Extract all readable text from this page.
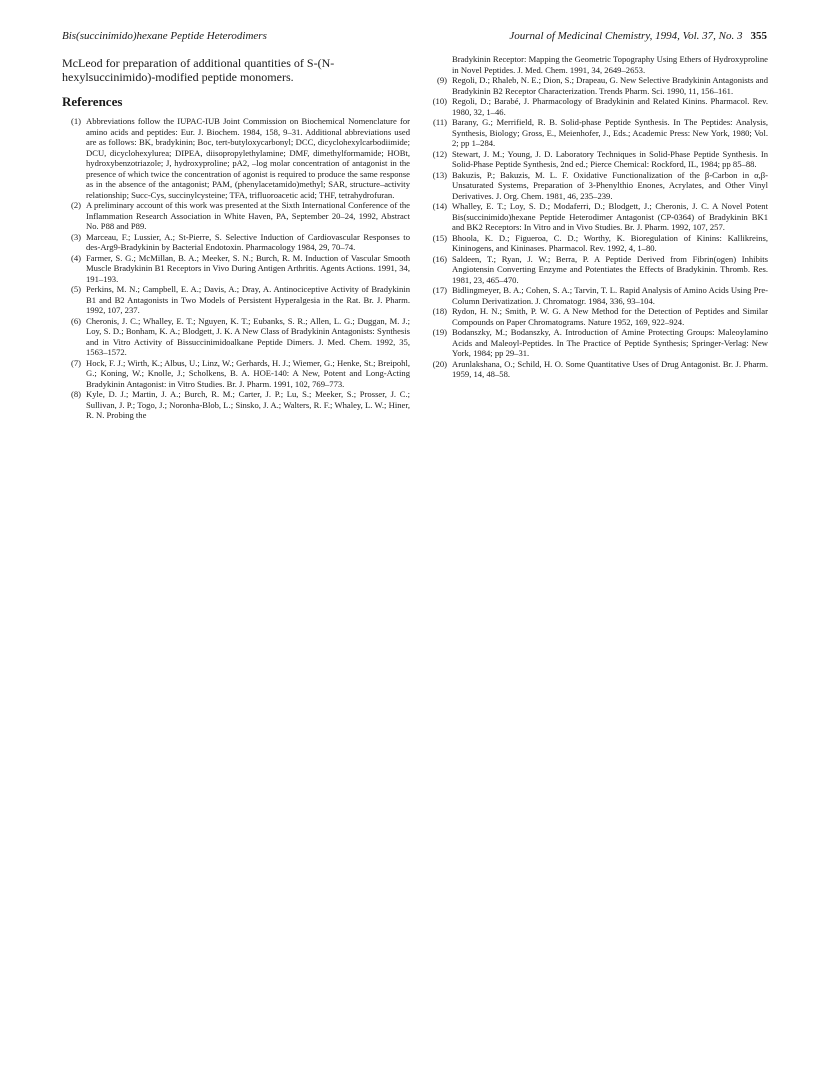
Bis(succinimido)hexane Peptide Heterodimers	Journal of Medicinal Chemistry, 1994, Vol. 37, No. 3 355

McLeod for preparation of additional quantities of S-(N-hexylsuccinimido)-modified peptide monomers.

References
(1) Abbreviations follow the IUPAC-IUB Joint Commission on Biochemical Nomenclature for amino acids and peptides: Eur. J. Biochem. 1984, 158, 9–31. Additional abbreviations used are as follows: BK, bradykinin; Boc, tert-butyloxycarbonyl; DCC, dicyclohexylcarbodiimide; DCU, dicyclohexylurea; DIPEA, diisopropylethylamine; DMF, dimethylformamide; HOBt, hydroxybenzotriazole; J, hydroxyproline; pA2, –log molar concentration of antagonist in the presence of which twice the concentration of agonist is required to produce the same response as in the absence of the antagonist; PAM, (phenylacetamido)methyl; SAR, structure–activity relationship; Succ-Cys, succinylcysteine; TFA, trifluoroacetic acid; THF, tetrahydrofuran.
(2) A preliminary account of this work was presented at the Sixth International Conference of the Inflammation Research Association in White Haven, PA, September 20–24, 1992, Abstract No. P88 and P89.
(3) Marceau, F.; Lussier, A.; St-Pierre, S. Selective Induction of Cardiovascular Responses to des-Arg9-Bradykinin by Bacterial Endotoxin. Pharmacology 1984, 29, 70–74.
(4) Farmer, S. G.; McMillan, B. A.; Meeker, S. N.; Burch, R. M. Induction of Vascular Smooth Muscle Bradykinin B1 Receptors in Vivo During Antigen Arthritis. Agents Actions. 1991, 34, 191–193.
(5) Perkins, M. N.; Campbell, E. A.; Davis, A.; Dray, A. Antinociceptive Activity of Bradykinin B1 and B2 Antagonists in Two Models of Persistent Hyperalgesia in the Rat. Br. J. Pharm. 1992, 107, 237.
(6) Cheronis, J. C.; Whalley, E. T.; Nguyen, K. T.; Eubanks, S. R.; Allen, L. G.; Duggan, M. J.; Loy, S. D.; Bonham, K. A.; Blodgett, J. K. A New Class of Bradykinin Antagonists: Synthesis and in Vitro Activity of Bissuccinimidoalkane Peptide Dimers. J. Med. Chem. 1992, 35, 1563–1572.
(7) Hock, F. J.; Wirth, K.; Albus, U.; Linz, W.; Gerhards, H. J.; Wiemer, G.; Henke, St.; Breipohl, G.; Koning, W.; Knolle, J.; Scholkens, B. A. HOE-140: A New, Potent and Long-Acting Bradykinin Antagonist: in Vitro Studies. Br. J. Pharm. 1991, 102, 769–773.
(8) Kyle, D. J.; Martin, J. A.; Burch, R. M.; Carter, J. P.; Lu, S.; Meeker, S.; Prosser, J. C.; Sullivan, J. P.; Togo, J.; Noronha-Blob, L.; Sinsko, J. A.; Walters, R. F.; Whaley, L. W.; Hiner, R. N. Probing the

Bradykinin Receptor: Mapping the Geometric Topography Using Ethers of Hydroxyproline in Novel Peptides. J. Med. Chem. 1991, 34, 2649–2653.

(9) Regoli, D.; Rhaleb, N. E.; Dion, S.; Drapeau, G. New Selective Bradykinin Antagonists and Bradykinin B2 Receptor Characterization. Trends Pharm. Sci. 1990, 11, 156–161.
(10) Regoli, D.; Barabé, J. Pharmacology of Bradykinin and Related Kinins. Pharmacol. Rev. 1980, 32, 1–46.
(11) Barany, G.; Merrifield, R. B. Solid-phase Peptide Synthesis. In The Peptides: Analysis, Synthesis, Biology; Gross, E., Meienhofer, J., Eds.; Academic Press: New York, 1980; Vol. 2; pp 1–284.
(12) Stewart, J. M.; Young, J. D. Laboratory Techniques in Solid-Phase Peptide Synthesis. In Solid-Phase Peptide Synthesis, 2nd ed.; Pierce Chemical: Rockford, IL, 1984; pp 85–88.
(13) Bakuzis, P.; Bakuzis, M. L. F. Oxidative Functionalization of the β-Carbon in α,β-Unsaturated Systems, Preparation of 3-Phenylthio Enones, Acrylates, and Other Vinyl Derivatives. J. Org. Chem. 1981, 46, 235–239.
(14) Whalley, E. T.; Loy, S. D.; Modaferri, D.; Blodgett, J.; Cheronis, J. C. A Novel Potent Bis(succinimido)hexane Peptide Heterodimer Antagonist (CP-0364) of Bradykinin BK1 and BK2 Receptors: In Vitro and in Vivo Studies. Br. J. Pharm. 1992, 107, 257.
(15) Bhoola, K. D.; Figueroa, C. D.; Worthy, K. Bioregulation of Kinins: Kallikreins, Kininogens, and Kininases. Pharmacol. Rev. 1992, 4, 1–80.
(16) Saldeen, T.; Ryan, J. W.; Berra, P. A Peptide Derived from Fibrin(ogen) Inhibits Angiotensin Converting Enzyme and Potentiates the Effects of Bradykinin. Thromb. Res. 1981, 23, 465–470.
(17) Bidlingmeyer, B. A.; Cohen, S. A.; Tarvin, T. L. Rapid Analysis of Amino Acids Using Pre-Column Derivatization. J. Chromatogr. 1984, 336, 93–104.
(18) Rydon, H. N.; Smith, P. W. G. A New Method for the Detection of Peptides and Similar Compounds on Paper Chromatograms. Nature 1952, 169, 922–924.
(19) Bodanszky, M.; Bodanszky, A. Introduction of Amine Protecting Groups: Maleoylamino Acids and Maleoyl-Peptides. In The Practice of Peptide Synthesis; Springer-Verlag: New York, 1984; pp 29–31.
(20) Arunlakshana, O.; Schild, H. O. Some Quantitative Uses of Drug Antagonist. Br. J. Pharm. 1959, 14, 48–58.
